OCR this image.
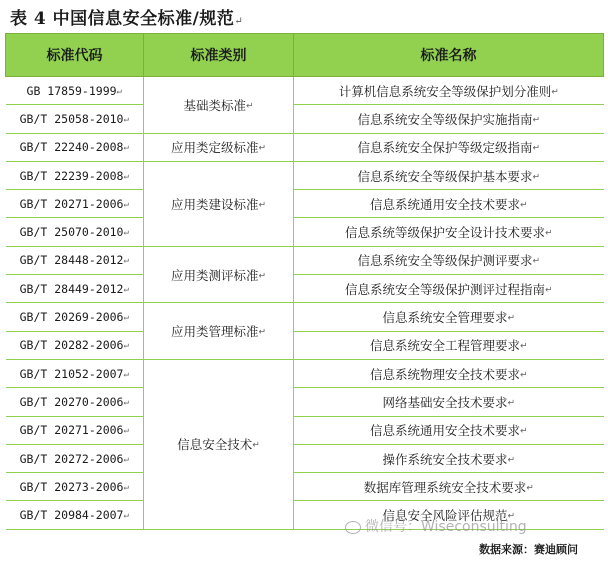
表 4 中国信息安全标准/规范↵
标准代码	标准类别	标准名称
GB 17859-1999↵	基础类标准↵	计算机信息系统安全等级保护划分准则↵
GB/T 25058-2010↵		信息系统安全等级保护实施指南↵
GB/T 22240-2008↵	应用类定级标准↵	信息系统安全保护等级定级指南↵
GB/T 22239-2008↵	应用类建设标准↵	信息系统安全等级保护基本要求↵
GB/T 20271-2006↵		信息系统通用安全技术要求↵
GB/T 25070-2010↵		信息系统等级保护安全设计技术要求↵
GB/T 28448-2012↵	应用类测评标准↵	信息系统安全等级保护测评要求↵
GB/T 28449-2012↵		信息系统安全等级保护测评过程指南↵
GB/T 20269-2006↵	应用类管理标准↵	信息系统安全管理要求↵
GB/T 20282-2006↵		信息系统安全工程管理要求↵
GB/T 21052-2007↵	信息安全技术↵	信息系统物理安全技术要求↵
GB/T 20270-2006↵		网络基础安全技术要求↵
GB/T 20271-2006↵		信息系统通用安全技术要求↵
GB/T 20272-2006↵		操作系统安全技术要求↵
GB/T 20273-2006↵		数据库管理系统安全技术要求↵
GB/T 20984-2007↵		信息安全风险评估规范↵
微信号：Wiseconsulting
数据来源：赛迪顾问
